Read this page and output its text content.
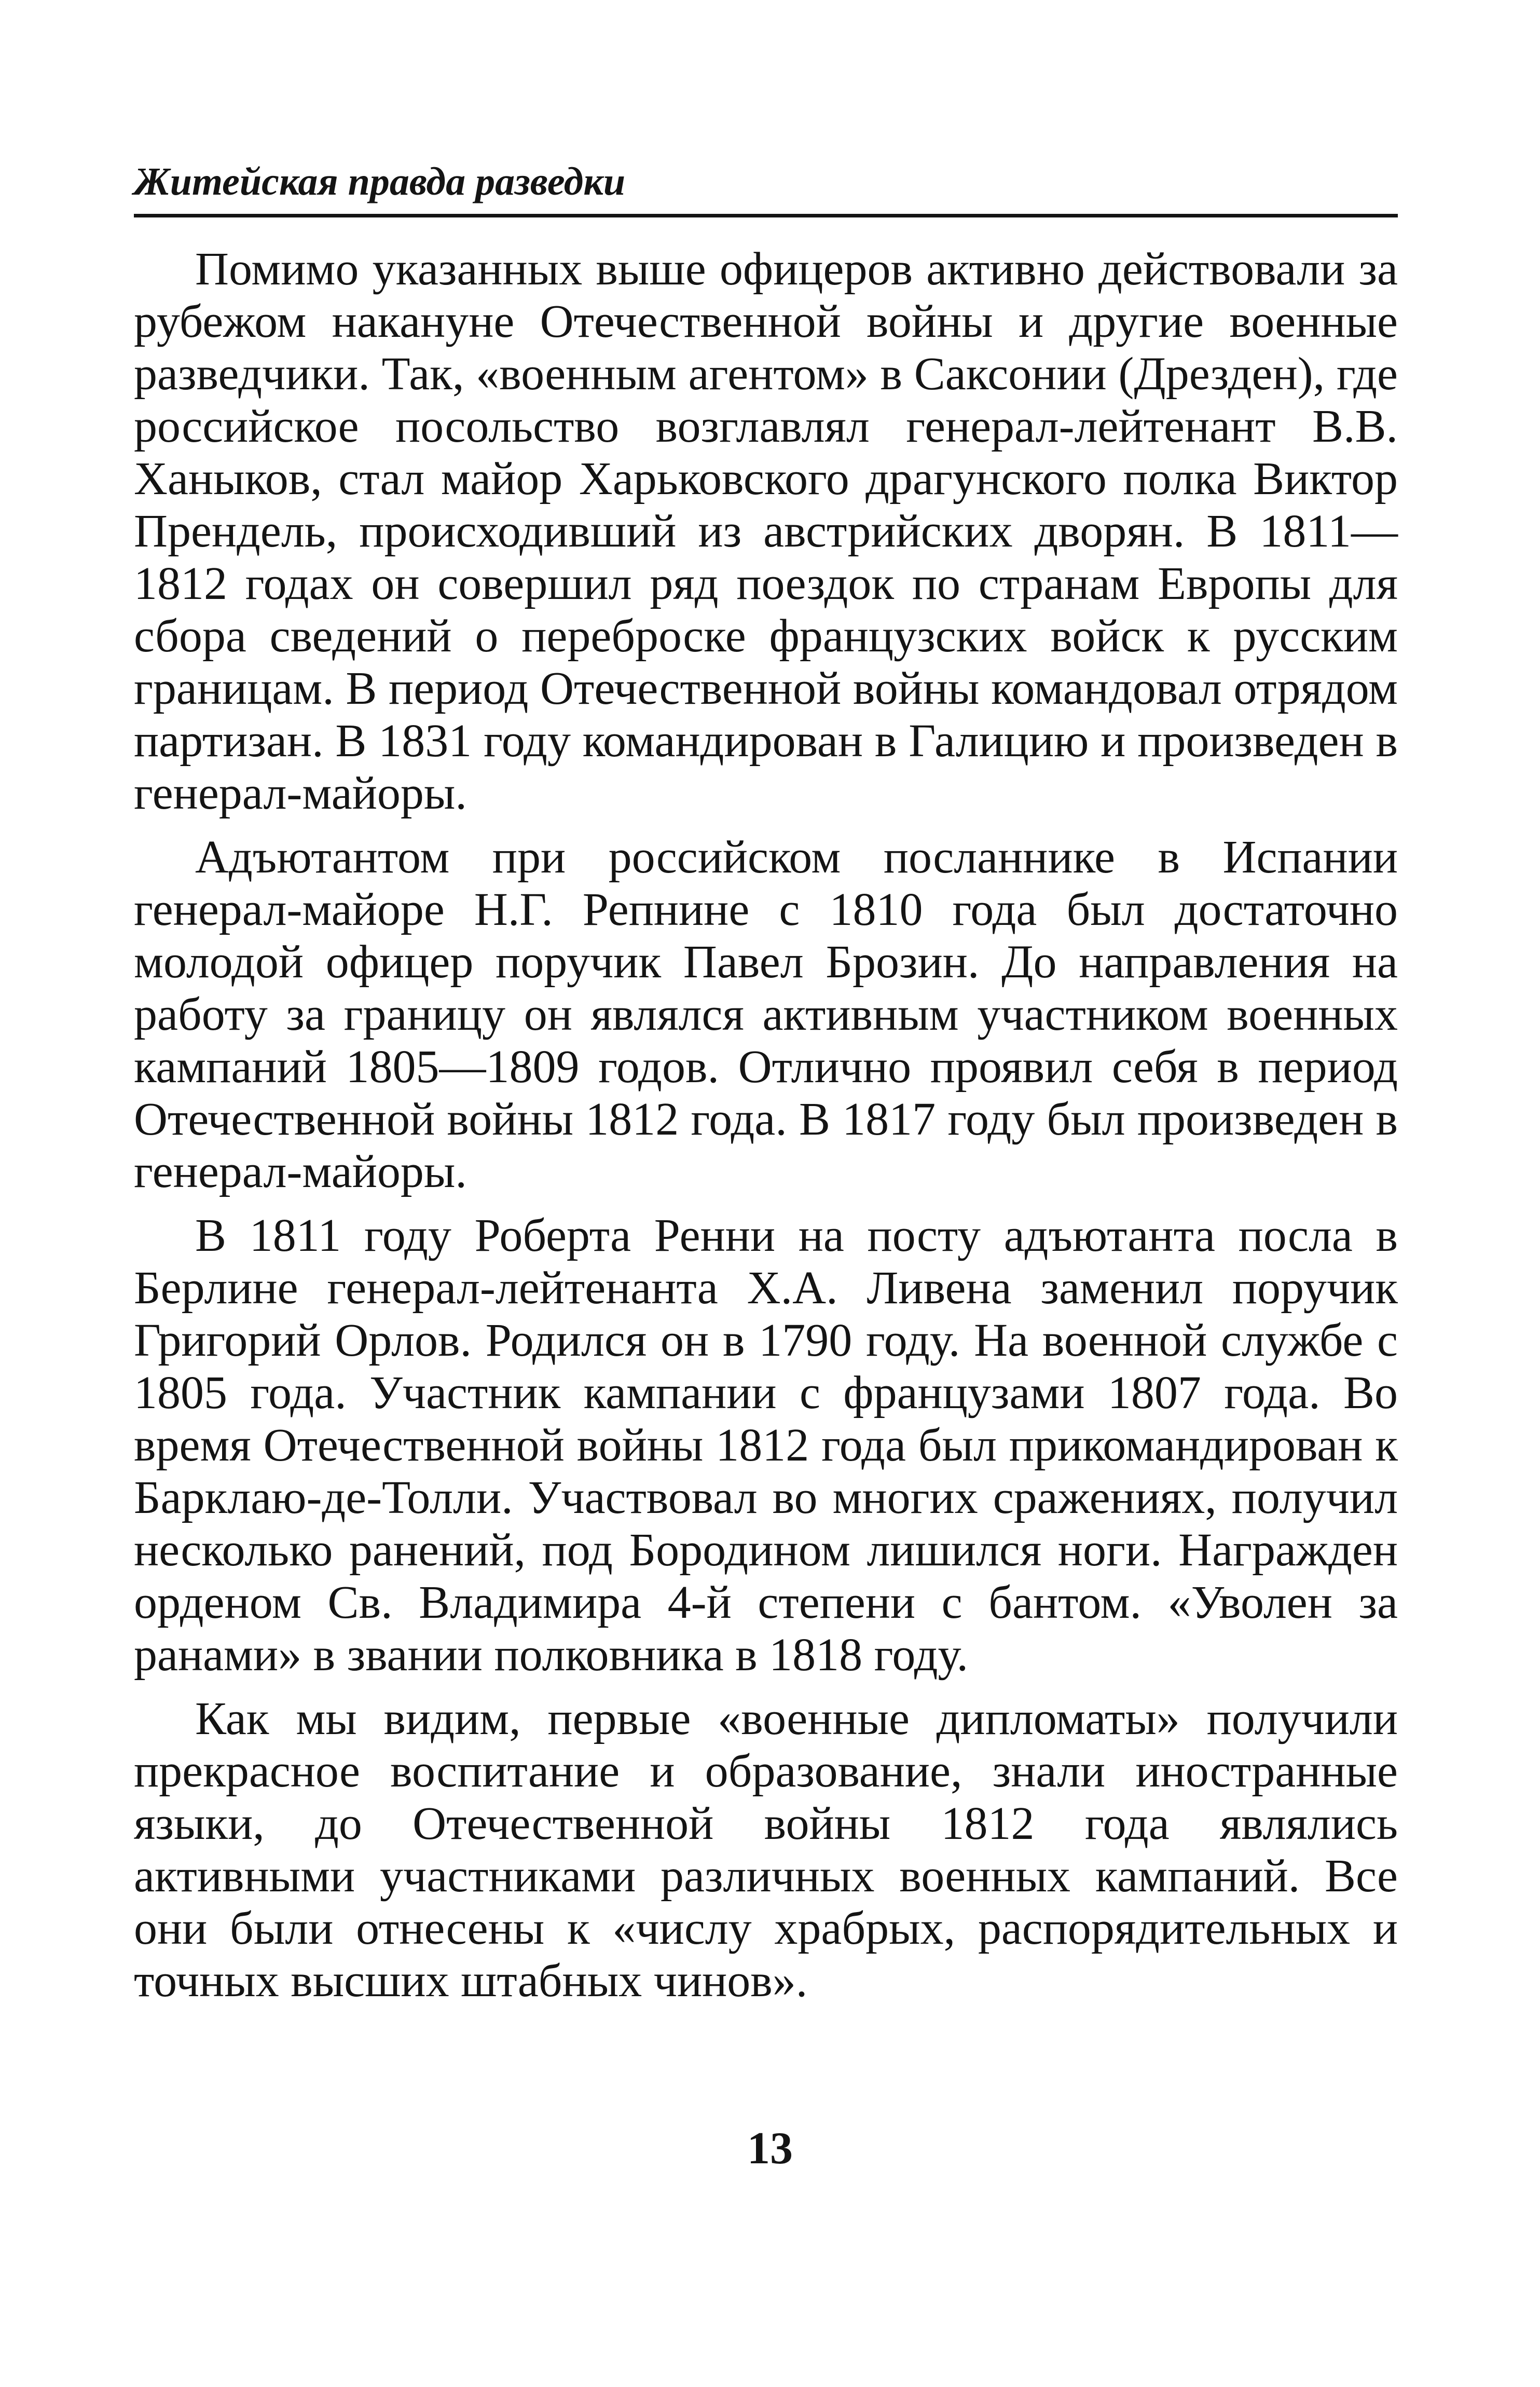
Житейская правда разведки

Помимо указанных выше офицеров активно действовали за рубежом накануне Отечественной войны и другие военные разведчики. Так, «военным агентом» в Саксонии (Дрезден), где российское посольство возглавлял генерал-лейтенант В.В. Ханыков, стал майор Харьковского драгунского полка Виктор Прендель, происходивший из австрийских дворян. В 1811—1812 годах он совершил ряд поездок по странам Европы для сбора сведений о переброске французских войск к русским границам. В период Отечественной войны командовал отрядом партизан. В 1831 году командирован в Галицию и произведен в генерал-майоры.

Адъютантом при российском посланнике в Испании генерал-майоре Н.Г. Репнине с 1810 года был достаточно молодой офицер поручик Павел Брозин. До направления на работу за границу он являлся активным участником военных кампаний 1805—1809 годов. Отлично проявил себя в период Отечественной войны 1812 года. В 1817 году был произведен в генерал-майоры.

В 1811 году Роберта Ренни на посту адъютанта посла в Берлине генерал-лейтенанта Х.А. Ливена заменил поручик Григорий Орлов. Родился он в 1790 году. На военной службе с 1805 года. Участник кампании с французами 1807 года. Во время Отечественной войны 1812 года был прикомандирован к Барклаю-де-Толли. Участвовал во многих сражениях, получил несколько ранений, под Бородином лишился ноги. Награжден орденом Св. Владимира 4-й степени с бантом. «Уволен за ранами» в звании полковника в 1818 году.

Как мы видим, первые «военные дипломаты» получили прекрасное воспитание и образование, знали иностранные языки, до Отечественной войны 1812 года являлись активными участниками различных военных кампаний. Все они были отнесены к «числу храбрых, распорядительных и точных высших штабных чинов».

13
